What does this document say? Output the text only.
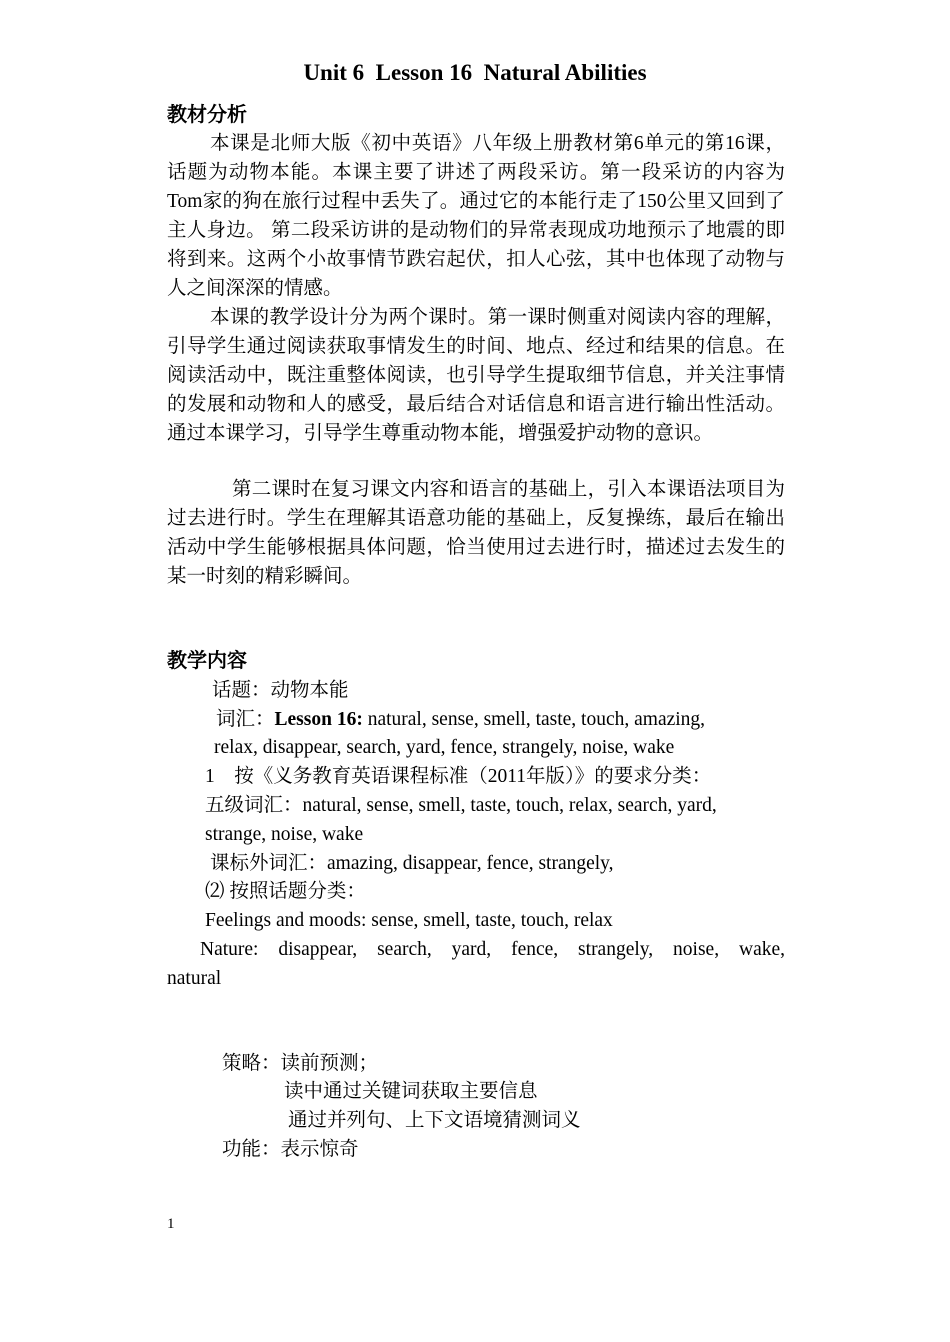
Unit 6  Lesson 16  Natural Abilities
教材分析
本课是北师大版《初中英语》八年级上册教材第6单元的第16课，话题为动物本能。本课主要了讲述了两段采访。第一段采访的内容为Tom家的狗在旅行过程中丢失了。通过它的本能行走了150公里又回到了主人身边。 第二段采访讲的是动物们的异常表现成功地预示了地震的即将到来。这两个小故事情节跌宕起伏，扣人心弦，其中也体现了动物与人之间深深的情感。
本课的教学设计分为两个课时。第一课时侧重对阅读内容的理解，引导学生通过阅读获取事情发生的时间、地点、经过和结果的信息。在阅读活动中，既注重整体阅读，也引导学生提取细节信息，并关注事情的发展和动物和人的感受，最后结合对话信息和语言进行输出性活动。通过本课学习，引导学生尊重动物本能，增强爱护动物的意识。
第二课时在复习课文内容和语言的基础上，引入本课语法项目为过去进行时。学生在理解其语意功能的基础上，反复操练，最后在输出活动中学生能够根据具体问题，恰当使用过去进行时，描述过去发生的某一时刻的精彩瞬间。
教学内容
话题：动物本能
词汇：Lesson 16: natural, sense, smell, taste, touch, amazing,
relax, disappear, search, yard, fence, strangely, noise, wake
1    按《义务教育英语课程标准（2011年版）》的要求分类：
五级词汇：natural, sense, smell, taste, touch, relax, search, yard,
strange, noise, wake
课标外词汇：amazing, disappear, fence, strangely,
⑵ 按照话题分类：
Feelings and moods: sense, smell, taste, touch, relax
Nature: disappear, search, yard, fence, strangely, noise, wake,
natural
策略：读前预测；
读中通过关键词获取主要信息
通过并列句、上下文语境猜测词义
功能：表示惊奇
1
